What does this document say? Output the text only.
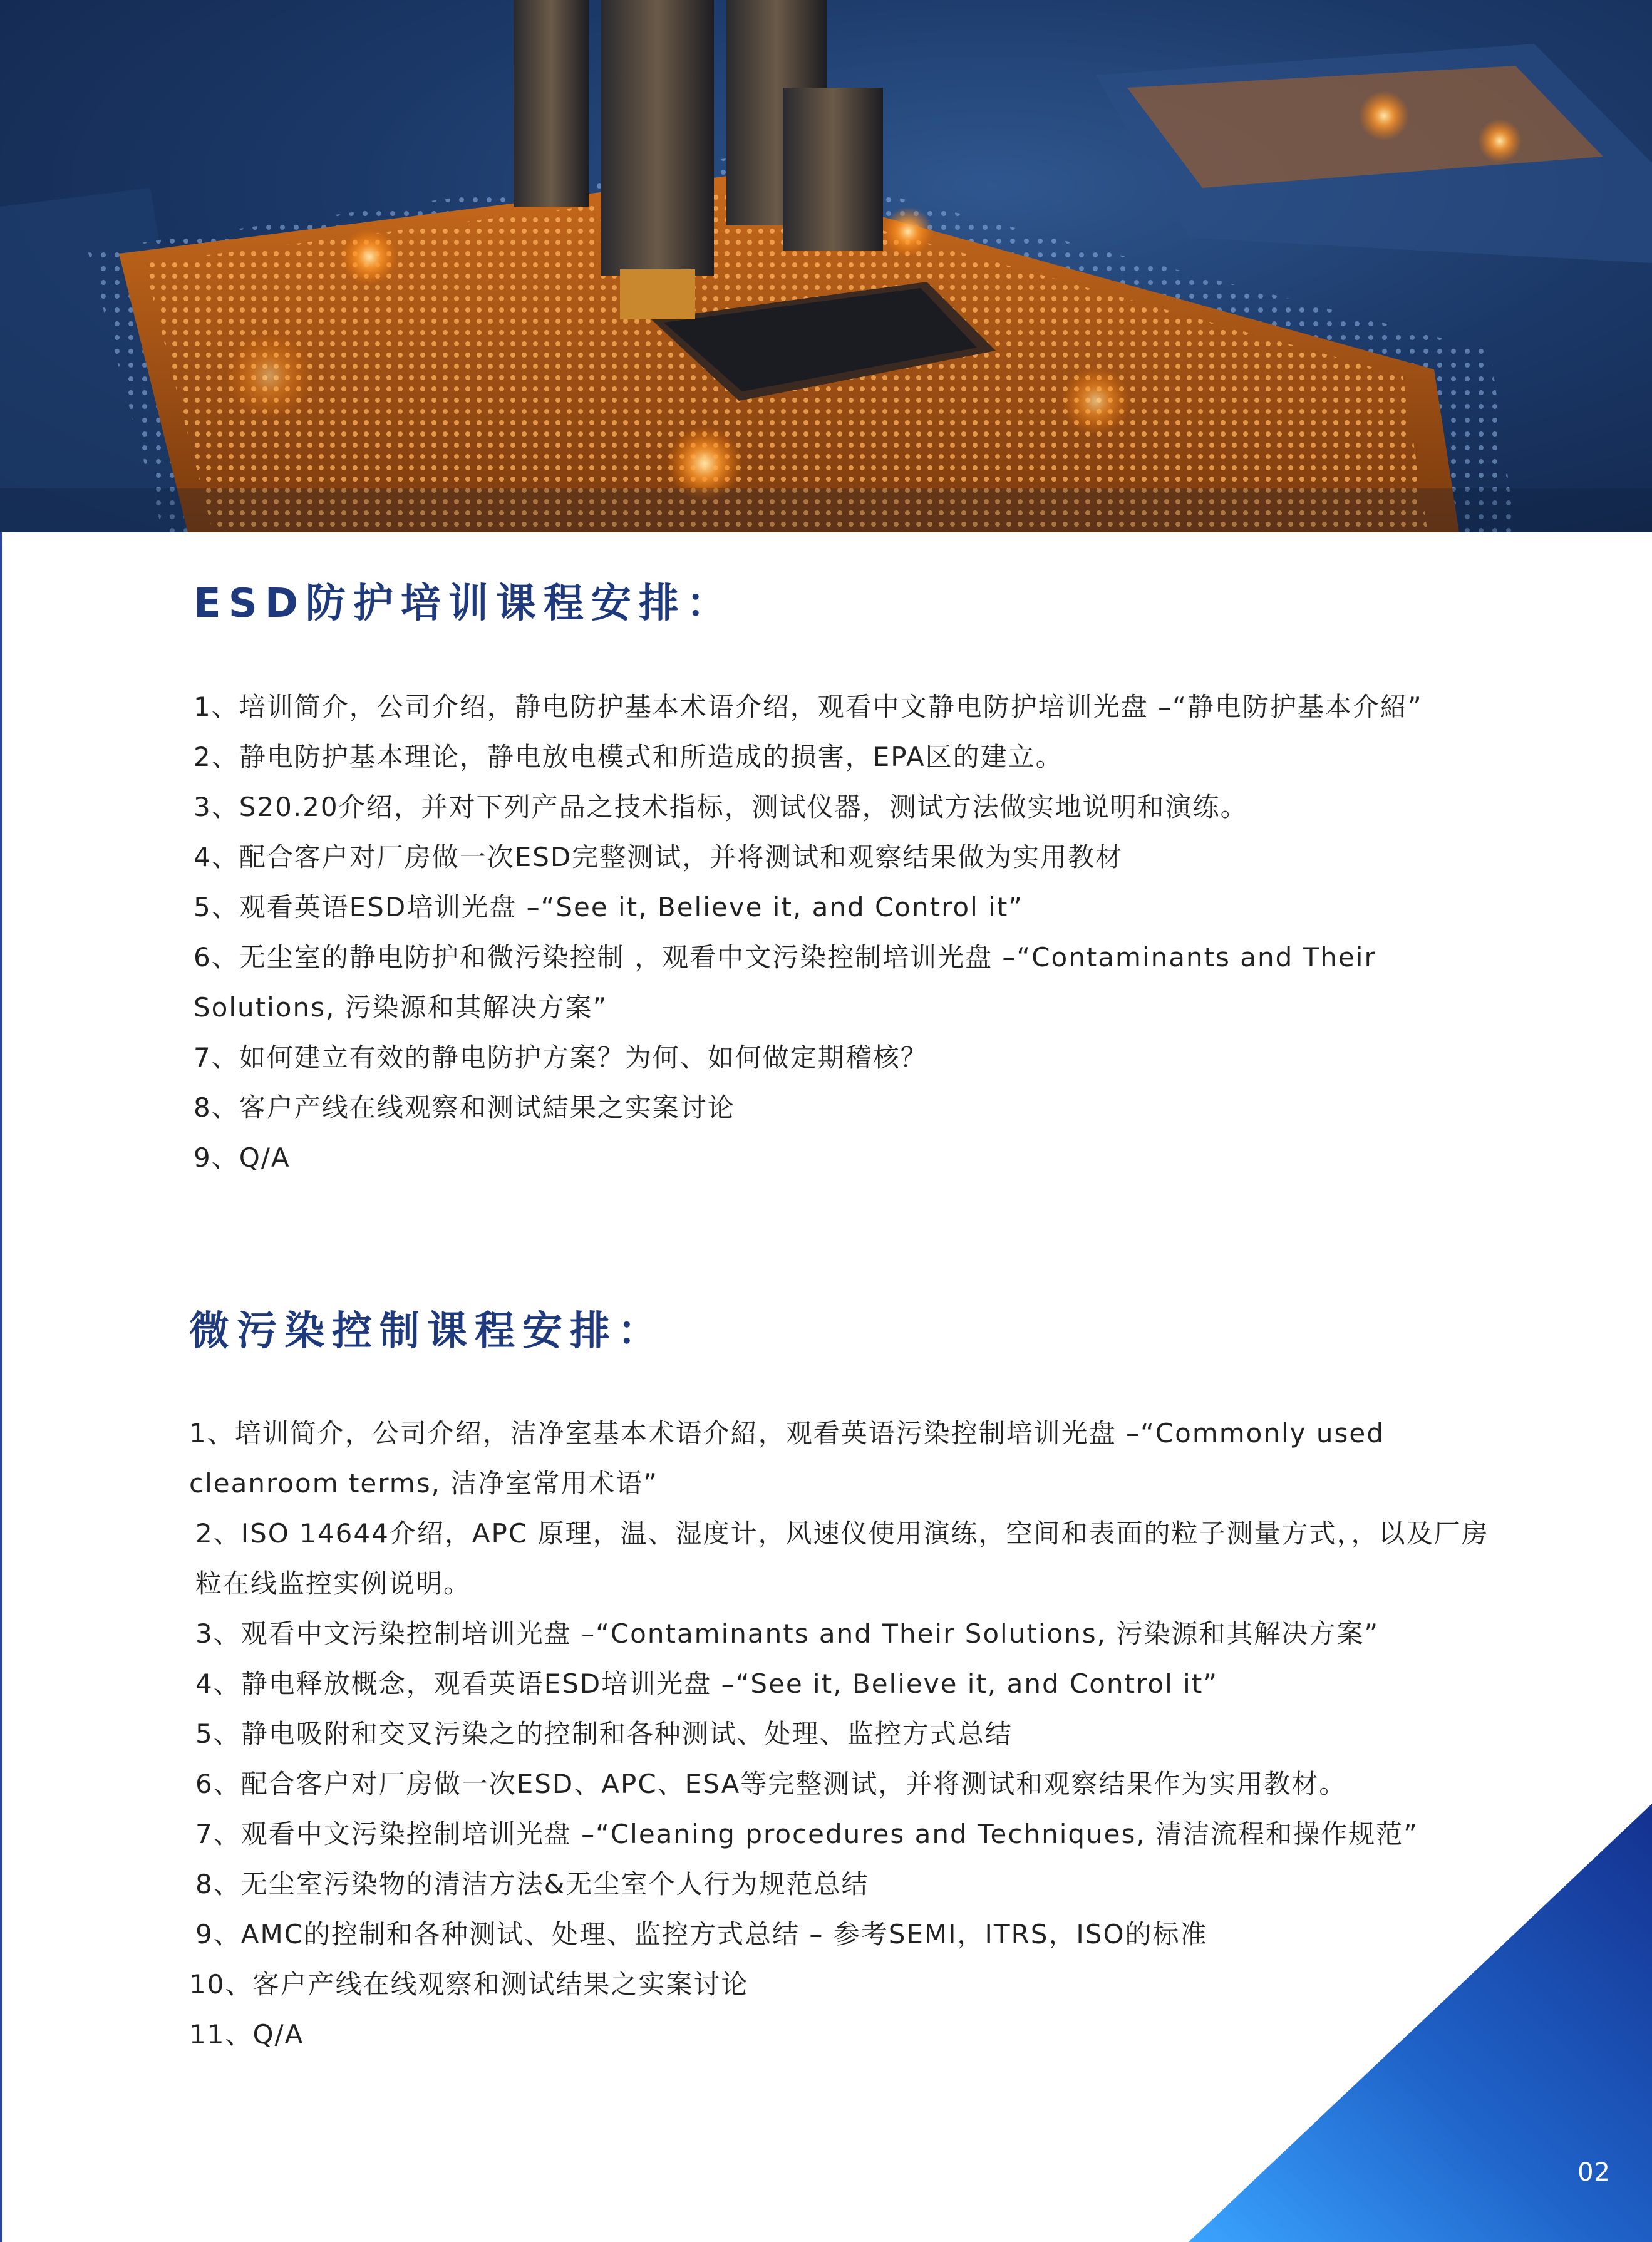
ESD防护培训课程安排：
1、培训简介，公司介绍，静电防护基本术语介绍，观看中文静电防护培训光盘 –“静电防护基本介紹”
2、静电防护基本理论，静电放电模式和所造成的损害，EPA区的建立。
3、S20.20介绍，并对下列产品之技术指标，测试仪器，测试方法做实地说明和演练。
4、配合客户对厂房做一次ESD完整测试，并将测试和观察结果做为实用教材
5、观看英语ESD培训光盘 –“See it, Believe it, and Control it”
6、无尘室的静电防护和微污染控制 ，观看中文污染控制培训光盘 –“Contaminants and Their Solutions, 污染源和其解决方案”
7、如何建立有效的静电防护方案？为何、如何做定期稽核？
8、客户产线在线观察和测试結果之实案讨论
9、Q/A
微污染控制课程安排：
1、培训简介，公司介绍，洁净室基本术语介紹，观看英语污染控制培训光盘 –“Commonly used cleanroom terms, 洁净室常用术语”
2、ISO 14644介绍，APC 原理，温、湿度计，风速仪使用演练，空间和表面的粒子测量方式，，以及厂房粒在线监控实例说明。
3、观看中文污染控制培训光盘 –“Contaminants and Their Solutions, 污染源和其解决方案”
4、静电释放概念，观看英语ESD培训光盘 –“See it, Believe it, and Control it”
5、静电吸附和交叉污染之的控制和各种测试、处理、监控方式总结
6、配合客户对厂房做一次ESD、APC、ESA等完整测试，并将测试和观察结果作为实用教材。
7、观看中文污染控制培训光盘 –“Cleaning procedures and Techniques, 清洁流程和操作规范”
8、无尘室污染物的清洁方法&无尘室个人行为规范总结
9、AMC的控制和各种测试、处理、监控方式总结 – 参考SEMI，ITRS，ISO的标准
10、客户产线在线观察和测试结果之实案讨论
11、Q/A
02
